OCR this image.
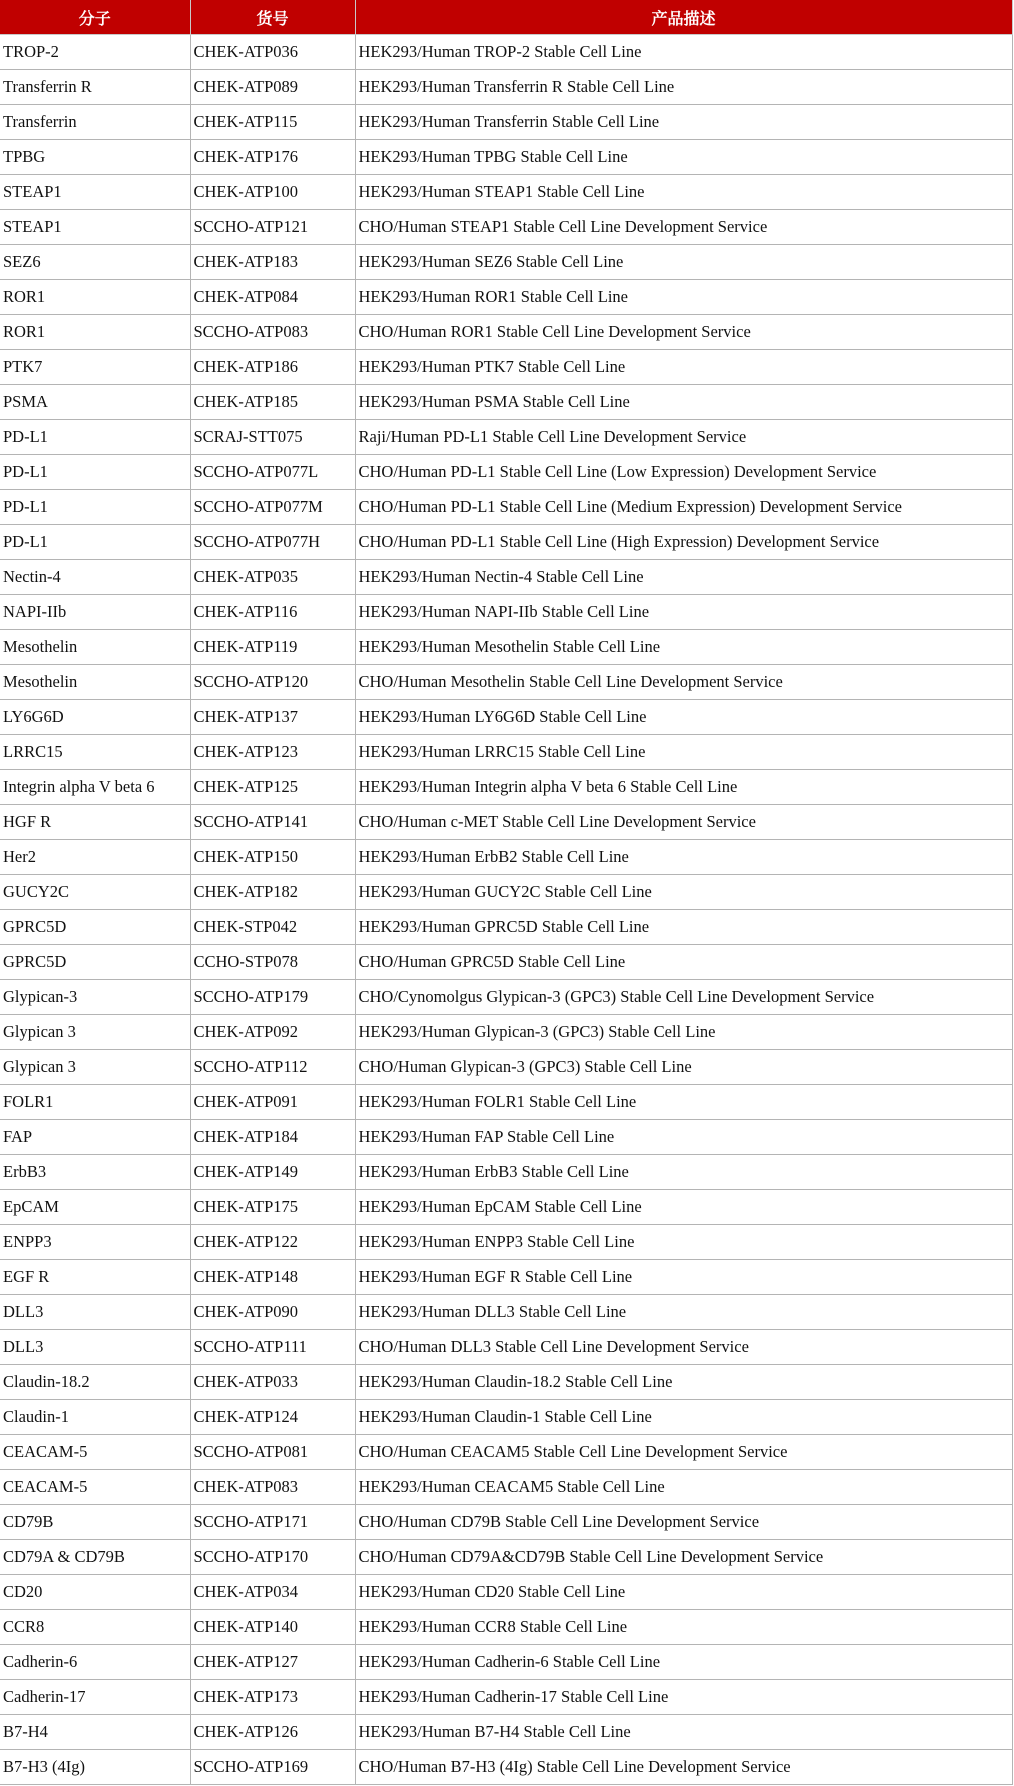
分子	货号	产品描述
TROP-2	CHEK-ATP036	HEK293/Human TROP-2 Stable Cell Line
Transferrin R	CHEK-ATP089	HEK293/Human Transferrin R Stable Cell Line
Transferrin	CHEK-ATP115	HEK293/Human Transferrin Stable Cell Line
TPBG	CHEK-ATP176	HEK293/Human TPBG Stable Cell Line
STEAP1	CHEK-ATP100	HEK293/Human STEAP1 Stable Cell Line
STEAP1	SCCHO-ATP121	CHO/Human STEAP1 Stable Cell Line Development Service
SEZ6	CHEK-ATP183	HEK293/Human SEZ6 Stable Cell Line
ROR1	CHEK-ATP084	HEK293/Human ROR1 Stable Cell Line
ROR1	SCCHO-ATP083	CHO/Human ROR1 Stable Cell Line Development Service
PTK7	CHEK-ATP186	HEK293/Human PTK7 Stable Cell Line
PSMA	CHEK-ATP185	HEK293/Human PSMA Stable Cell Line
PD-L1	SCRAJ-STT075	Raji/Human PD-L1 Stable Cell Line Development Service
PD-L1	SCCHO-ATP077L	CHO/Human PD-L1 Stable Cell Line (Low Expression) Development Service
PD-L1	SCCHO-ATP077M	CHO/Human PD-L1 Stable Cell Line (Medium Expression) Development Service
PD-L1	SCCHO-ATP077H	CHO/Human PD-L1 Stable Cell Line (High Expression) Development Service
Nectin-4	CHEK-ATP035	HEK293/Human Nectin-4 Stable Cell Line
NAPI-IIb	CHEK-ATP116	HEK293/Human NAPI-IIb Stable Cell Line
Mesothelin	CHEK-ATP119	HEK293/Human Mesothelin Stable Cell Line
Mesothelin	SCCHO-ATP120	CHO/Human Mesothelin Stable Cell Line Development Service
LY6G6D	CHEK-ATP137	HEK293/Human LY6G6D Stable Cell Line
LRRC15	CHEK-ATP123	HEK293/Human LRRC15 Stable Cell Line
Integrin alpha V beta 6	CHEK-ATP125	HEK293/Human Integrin alpha V beta 6 Stable Cell Line
HGF R	SCCHO-ATP141	CHO/Human c-MET Stable Cell Line Development Service
Her2	CHEK-ATP150	HEK293/Human ErbB2 Stable Cell Line
GUCY2C	CHEK-ATP182	HEK293/Human GUCY2C Stable Cell Line
GPRC5D	CHEK-STP042	HEK293/Human GPRC5D Stable Cell Line
GPRC5D	CCHO-STP078	CHO/Human GPRC5D Stable Cell Line
Glypican-3	SCCHO-ATP179	CHO/Cynomolgus Glypican-3 (GPC3) Stable Cell Line Development Service
Glypican 3	CHEK-ATP092	HEK293/Human Glypican-3 (GPC3) Stable Cell Line
Glypican 3	SCCHO-ATP112	CHO/Human Glypican-3 (GPC3) Stable Cell Line
FOLR1	CHEK-ATP091	HEK293/Human FOLR1 Stable Cell Line
FAP	CHEK-ATP184	HEK293/Human FAP Stable Cell Line
ErbB3	CHEK-ATP149	HEK293/Human ErbB3 Stable Cell Line
EpCAM	CHEK-ATP175	HEK293/Human EpCAM Stable Cell Line
ENPP3	CHEK-ATP122	HEK293/Human ENPP3 Stable Cell Line
EGF R	CHEK-ATP148	HEK293/Human EGF R Stable Cell Line
DLL3	CHEK-ATP090	HEK293/Human DLL3 Stable Cell Line
DLL3	SCCHO-ATP111	CHO/Human DLL3 Stable Cell Line Development Service
Claudin-18.2	CHEK-ATP033	HEK293/Human Claudin-18.2 Stable Cell Line
Claudin-1	CHEK-ATP124	HEK293/Human Claudin-1 Stable Cell Line
CEACAM-5	SCCHO-ATP081	CHO/Human CEACAM5 Stable Cell Line Development Service
CEACAM-5	CHEK-ATP083	HEK293/Human CEACAM5 Stable Cell Line
CD79B	SCCHO-ATP171	CHO/Human CD79B Stable Cell Line Development Service
CD79A & CD79B	SCCHO-ATP170	CHO/Human CD79A&CD79B Stable Cell Line Development Service
CD20	CHEK-ATP034	HEK293/Human CD20 Stable Cell Line
CCR8	CHEK-ATP140	HEK293/Human CCR8 Stable Cell Line
Cadherin-6	CHEK-ATP127	HEK293/Human Cadherin-6 Stable Cell Line
Cadherin-17	CHEK-ATP173	HEK293/Human Cadherin-17 Stable Cell Line
B7-H4	CHEK-ATP126	HEK293/Human B7-H4 Stable Cell Line
B7-H3 (4Ig)	SCCHO-ATP169	CHO/Human B7-H3 (4Ig) Stable Cell Line Development Service
